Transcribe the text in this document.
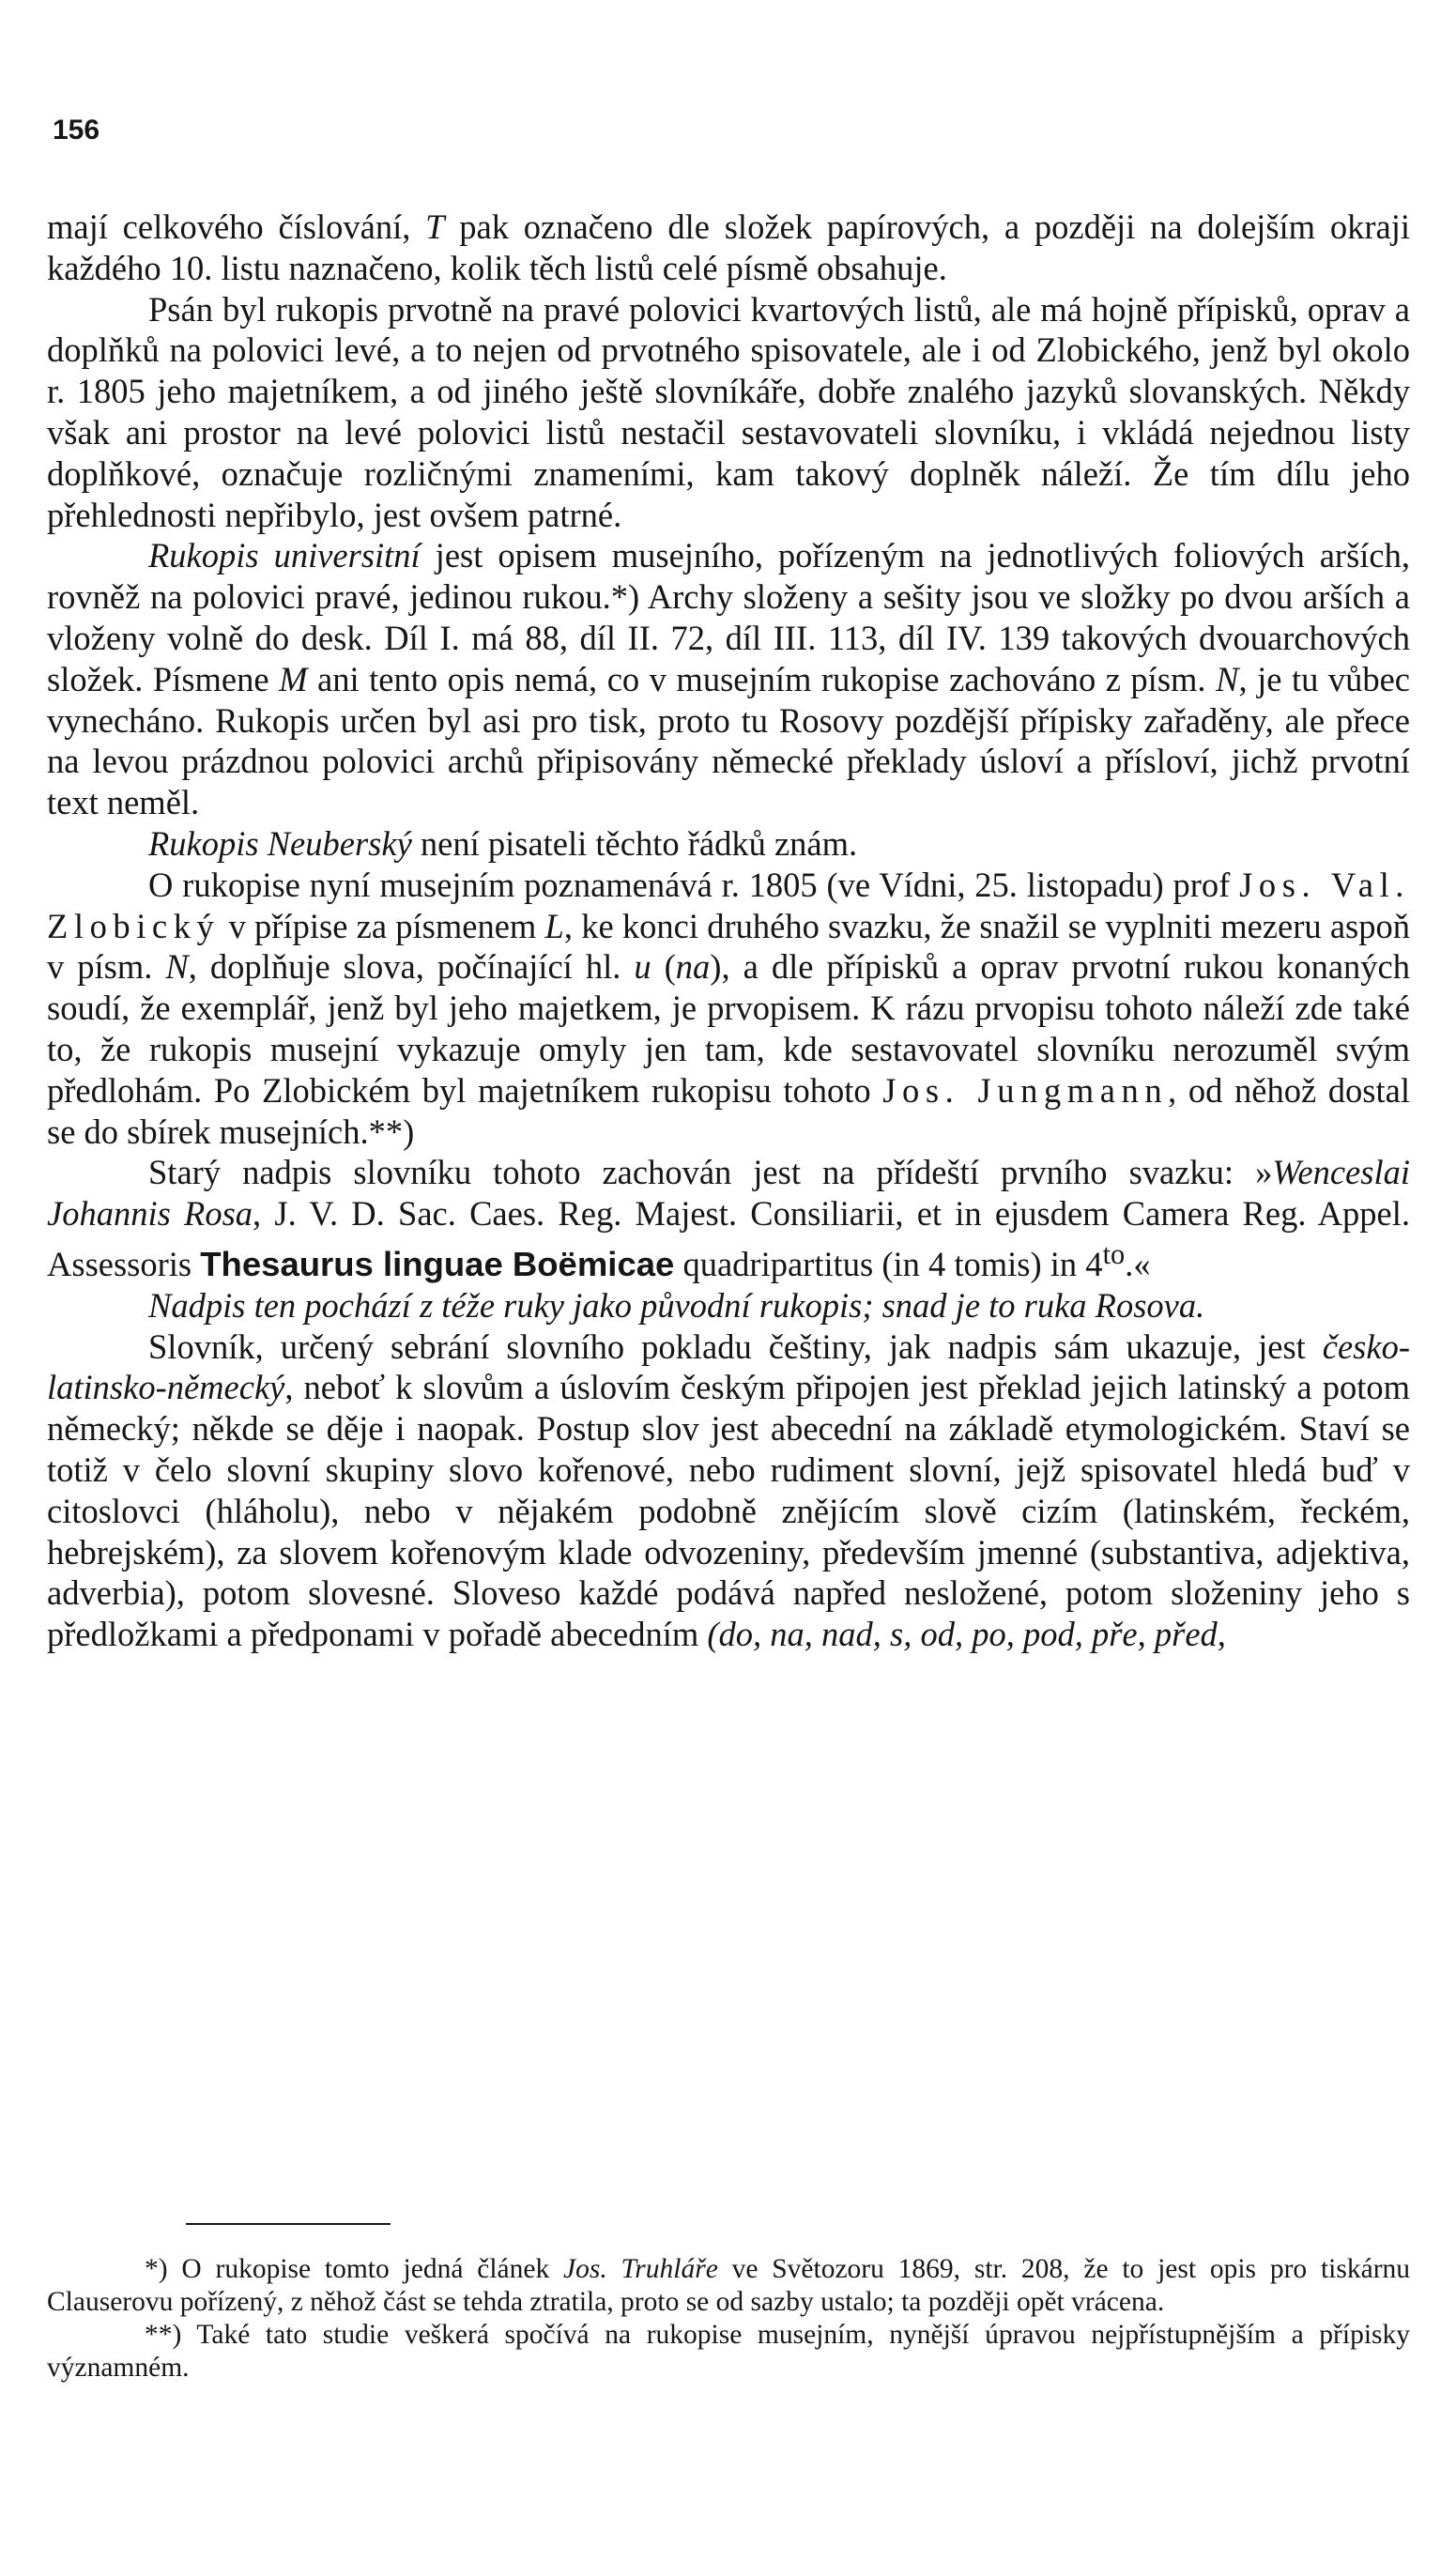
156

mají celkového číslování, T pak označeno dle složek papírových, a později na dolejším okraji každého 10. listu naznačeno, kolik těch listů celé písmě obsahuje.

Psán byl rukopis prvotně na pravé polovici kvartových listů, ale má hojně přípisků, oprav a doplňků na polovici levé, a to nejen od prvotného spisovatele, ale i od Zlobického, jenž byl okolo r. 1805 jeho majetníkem, a od jiného ještě slovníkáře, dobře znalého jazyků slovanských. Někdy však ani prostor na levé polovici listů nestačil sestavovateli slovníku, i vkládá nejednou listy doplňkové, označuje rozličnými znameními, kam takový doplněk náleží. Že tím dílu jeho přehlednosti nepřibylo, jest ovšem patrné.

Rukopis universitní jest opisem musejního, pořízeným na jednotlivých foliových arších, rovněž na polovici pravé, jedinou rukou.*) Archy složeny a sešity jsou ve složky po dvou arších a vloženy volně do desk. Díl I. má 88, díl II. 72, díl III. 113, díl IV. 139 takových dvouarchových složek. Písmene M ani tento opis nemá, co v musejním rukopise zachováno z písm. N, je tu vůbec vynecháno. Rukopis určen byl asi pro tisk, proto tu Rosovy pozdější přípisky zařaděny, ale přece na levou prázdnou polovici archů připisovány německé překlady úsloví a přísloví, jichž prvotní text neměl.

Rukopis Neuberský není pisateli těchto řádků znám.

O rukopise nyní musejním poznamenává r. 1805 (ve Vídni, 25. listopadu) prof Jos. Val. Zlobický v přípise za písmenem L, ke konci druhého svazku, že snažil se vyplniti mezeru aspoň v písm. N, doplňuje slova, počínající hl. u (na), a dle přípisků a oprav prvotní rukou konaných soudí, že exemplář, jenž byl jeho majetkem, je prvopisem. K rázu prvopisu tohoto náleží zde také to, že rukopis musejní vykazuje omyly jen tam, kde sestavovatel slovníku nerozuměl svým předlohám. Po Zlobickém byl majetníkem rukopisu tohoto Jos. Jungmann, od něhož dostal se do sbírek musejních.**)

Starý nadpis slovníku tohoto zachován jest na přídeští prvního svazku: »Wenceslai Johannis Rosa, J. V. D. Sac. Caes. Reg. Majest. Consiliarii, et in ejusdem Camera Reg. Appel. Assessoris Thesaurus linguae Boëmicae quadripartitus (in 4 tomis) in $4^{to}.«$

Nadpis ten pochází z téže ruky jako původní rukopis; snad je to ruka Rosova.

Slovník, určený sebrání slovního pokladu češtiny, jak nadpis sám ukazuje, jest česko-latinsko-německý, neboť k slovům a úslovím českým připojen jest překlad jejich latinský a potom německý; někde se děje i naopak. Postup slov jest abecední na základě etymologickém. Staví se totiž v čelo slovní skupiny slovo kořenové, nebo rudiment slovní, jejž spisovatel hledá buď v citoslovci (hláholu), nebo v nějakém podobně znějícím slově cizím (latinském, řeckém, hebrejském), za slovem kořenovým klade odvozeniny, především jmenné (substantiva, adjektiva, adverbia), potom slovesné. Sloveso každé podává napřed nesložené, potom složeniny jeho s předložkami a předponami v pořadě abecedním (do, na, nad, s, od, po, pod, pře, před,

*) O rukopise tomto jedná článek Jos. Truhláře ve Světozoru 1869, str. 208, že to jest opis pro tiskárnu Clauserovu pořízený, z něhož část se tehda ztratila, proto se od sazby ustalo; ta později opět vrácena.

**) Také tato studie veškerá spočívá na rukopise musejním, nynější úpravou nejpřístupnějším a přípisky významném.
